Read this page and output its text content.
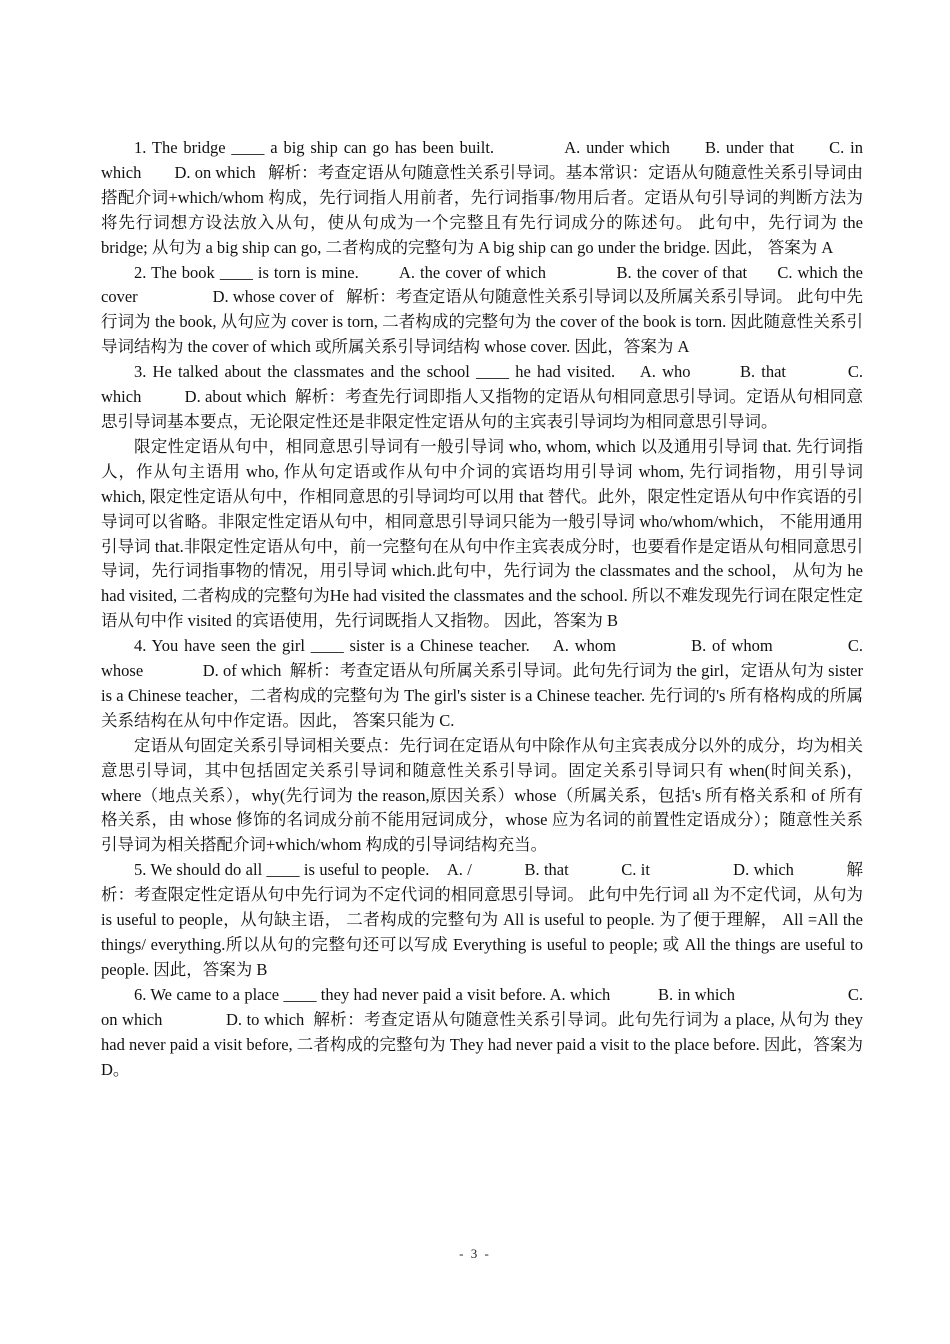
1. The bridge ____ a big ship can go has been built.            A. under which      B. under that      C. in which        D. on which   解析：考查定语从句随意性关系引导词。基本常识：定语从句随意性关系引导词由搭配介词+which/whom 构成，先行词指人用前者，先行词指事/物用后者。定语从句引导词的判断方法为将先行词想方设法放入从句，使从句成为一个完整且有先行词成分的陈述句。 此句中，先行词为 the bridge; 从句为 a big ship can go, 二者构成的完整句为 A big ship can go under the bridge. 因此， 答案为 A

2. The book ____ is torn is mine.        A. the cover of which              B. the cover of that      C. which the cover                  D. whose cover of   解析：考查定语从句随意性关系引导词以及所属关系引导词。 此句中先行词为 the book, 从句应为 cover is torn, 二者构成的完整句为 the cover of the book is torn. 因此随意性关系引导词结构为 the cover of which 或所属关系引导词结构 whose cover. 因此，答案为 A

3. He talked about the classmates and the school ____ he had visited.    A. who        B. that          C. which          D. about which  解析：考查先行词即指人又指物的定语从句相同意思引导词。定语从句相同意思引导词基本要点，无论限定性还是非限定性定语从句的主宾表引导词均为相同意思引导词。

限定性定语从句中，相同意思引导词有一般引导词 who, whom, which 以及通用引导词 that. 先行词指人，作从句主语用 who, 作从句定语或作从句中介词的宾语均用引导词 whom, 先行词指物，用引导词 which, 限定性定语从句中，作相同意思的引导词均可以用 that 替代。此外，限定性定语从句中作宾语的引导词可以省略。非限定性定语从句中，相同意思引导词只能为一般引导词 who/whom/which， 不能用通用引导词 that.非限定性定语从句中，前一完整句在从句中作主宾表成分时，也要看作是定语从句相同意思引导词，先行词指事物的情况，用引导词 which.此句中，先行词为 the classmates and the school， 从句为 he had visited, 二者构成的完整句为He had visited the classmates and the school. 所以不难发现先行词在限定性定语从句中作 visited 的宾语使用，先行词既指人又指物。 因此，答案为 B

4. You have seen the girl ____ sister is a Chinese teacher.    A. whom             B. of whom             C. whose              D. of which  解析：考查定语从句所属关系引导词。此句先行词为 the girl，定语从句为 sister is a Chinese teacher，二者构成的完整句为 The girl's sister is a Chinese teacher. 先行词的's 所有格构成的所属关系结构在从句中作定语。因此， 答案只能为 C.

定语从句固定关系引导词相关要点：先行词在定语从句中除作从句主宾表成分以外的成分，均为相关意思引导词，其中包括固定关系引导词和随意性关系引导词。固定关系引导词只有 when(时间关系)，where（地点关系），why(先行词为 the reason,原因关系）whose（所属关系，包括's 所有格关系和 of 所有格关系，由 whose 修饰的名词成分前不能用冠词成分，whose 应为名词的前置性定语成分）；随意性关系引导词为相关搭配介词+which/whom 构成的引导词结构充当。

5. We should do all ____ is useful to people.    A. /            B. that            C. it                   D. which            解析：考查限定性定语从句中先行词为不定代词的相同意思引导词。 此句中先行词 all 为不定代词，从句为 is useful to people，从句缺主语， 二者构成的完整句为 All is useful to people. 为了便于理解， All =All the things/ everything.所以从句的完整句还可以写成 Everything is useful to people; 或 All the things are useful to people. 因此，答案为 B

6. We came to a place ____ they had never paid a visit before. A. which           B. in which                          C. on which              D. to which  解析：考查定语从句随意性关系引导词。此句先行词为 a place, 从句为 they had never paid a visit before, 二者构成的完整句为 They had never paid a visit to the place before. 因此，答案为 D。

- 3 -
